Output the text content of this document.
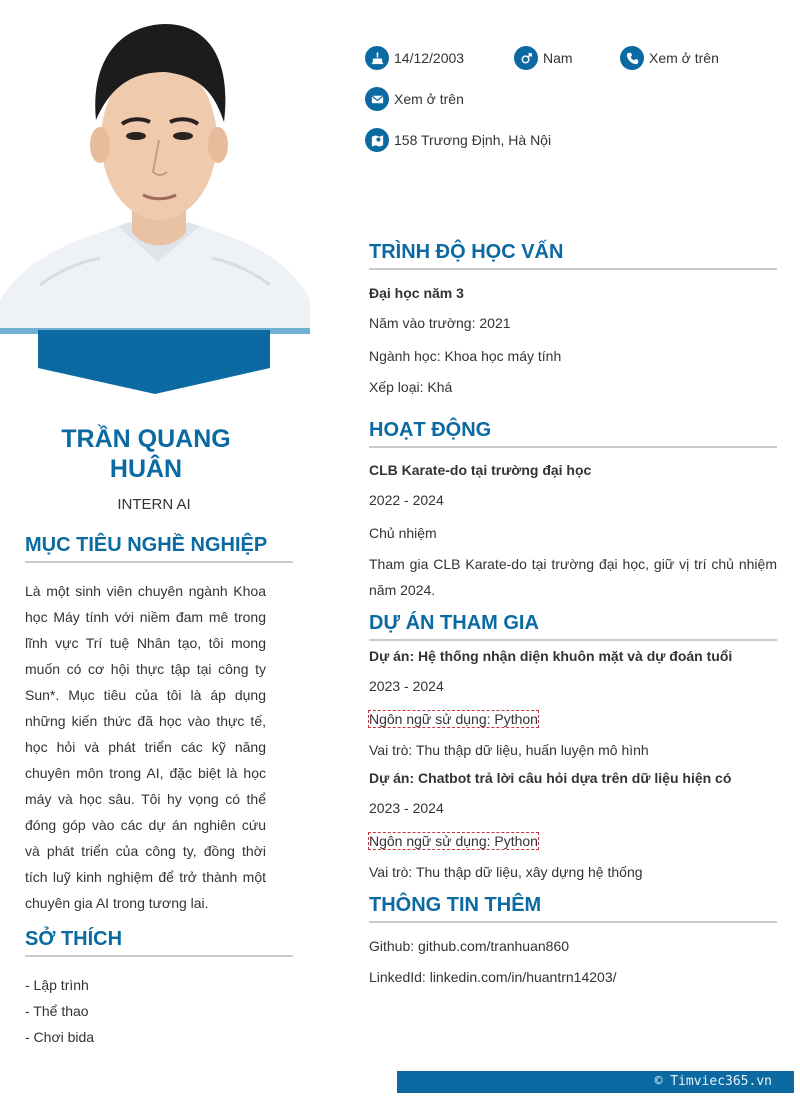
TRẦN QUANG
HUÂN
INTERN AI
MỤC TIÊU NGHỀ NGHIỆP

Là một sinh viên chuyên ngành Khoa học Máy tính với niềm đam mê trong lĩnh vực Trí tuệ Nhân tạo, tôi mong muốn có cơ hội thực tập tại công ty Sun*. Mục tiêu của tôi là áp dụng những kiến thức đã học vào thực tế, học hỏi và phát triển các kỹ năng chuyên môn trong AI, đặc biệt là học máy và học sâu. Tôi hy vọng có thể đóng góp vào các dự án nghiên cứu và phát triển của công ty, đồng thời tích luỹ kinh nghiệm để trở thành một chuyên gia AI trong tương lai.

SỞ THÍCH
- Lập trình
- Thể thao
- Chơi bida
14/12/2003	Nam	Xem ở trên
Xem ở trên
158 Trương Định, Hà Nội
TRÌNH ĐỘ HỌC VẤN
Đại học năm 3
Năm vào trường: 2021
Ngành học: Khoa học máy tính
Xếp loại: Khá
HOẠT ĐỘNG
CLB Karate-do tại trường đại học
2022 - 2024
Chủ nhiệm
Tham gia CLB Karate-do tại trường đại học, giữ vị trí chủ nhiệm năm 2024.
DỰ ÁN THAM GIA
Dự án: Hệ thống nhận diện khuôn mặt và dự đoán tuổi
2023 - 2024
Ngôn ngữ sử dụng: Python
Vai trò: Thu thập dữ liệu, huấn luyện mô hình
Dự án: Chatbot trả lời câu hỏi dựa trên dữ liệu hiện có
2023 - 2024
Ngôn ngữ sử dụng: Python
Vai trò: Thu thập dữ liệu, xây dựng hệ thống
THÔNG TIN THÊM
Github: github.com/tranhuan860
LinkedId: linkedin.com/in/huantrn14203/
© Timviec365.vn
